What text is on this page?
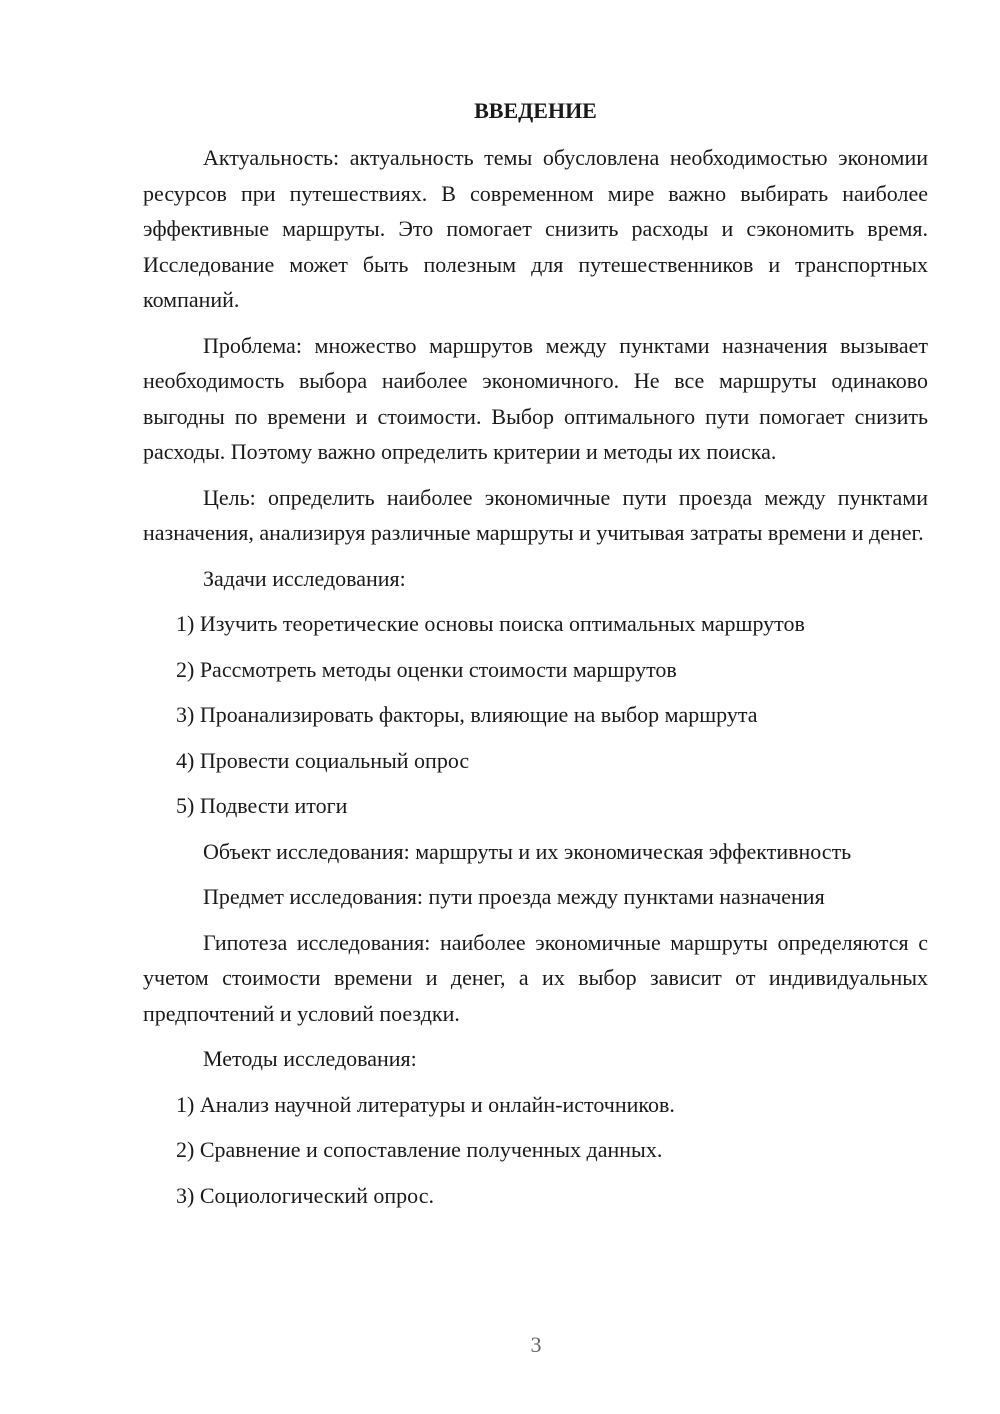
ВВЕДЕНИЕ

Актуальность: актуальность темы обусловлена необходимостью экономии ресурсов при путешествиях. В современном мире важно выбирать наиболее эффективные маршруты. Это помогает снизить расходы и сэкономить время. Исследование может быть полезным для путешественников и транспортных компаний.

Проблема: множество маршрутов между пунктами назначения вызывает необходимость выбора наиболее экономичного. Не все маршруты одинаково выгодны по времени и стоимости. Выбор оптимального пути помогает снизить расходы. Поэтому важно определить критерии и методы их поиска.

Цель: определить наиболее экономичные пути проезда между пунктами назначения, анализируя различные маршруты и учитывая затраты времени и денег.

Задачи исследования:

1) Изучить теоретические основы поиска оптимальных маршрутов
2) Рассмотреть методы оценки стоимости маршрутов
3) Проанализировать факторы, влияющие на выбор маршрута
4) Провести социальный опрос
5) Подвести итоги

Объект исследования: маршруты и их экономическая эффективность

Предмет исследования: пути проезда между пунктами назначения

Гипотеза исследования: наиболее экономичные маршруты определяются с учетом стоимости времени и денег, а их выбор зависит от индивидуальных предпочтений и условий поездки.

Методы исследования:

1) Анализ научной литературы и онлайн-источников.
2) Сравнение и сопоставление полученных данных.
3) Социологический опрос.
3
